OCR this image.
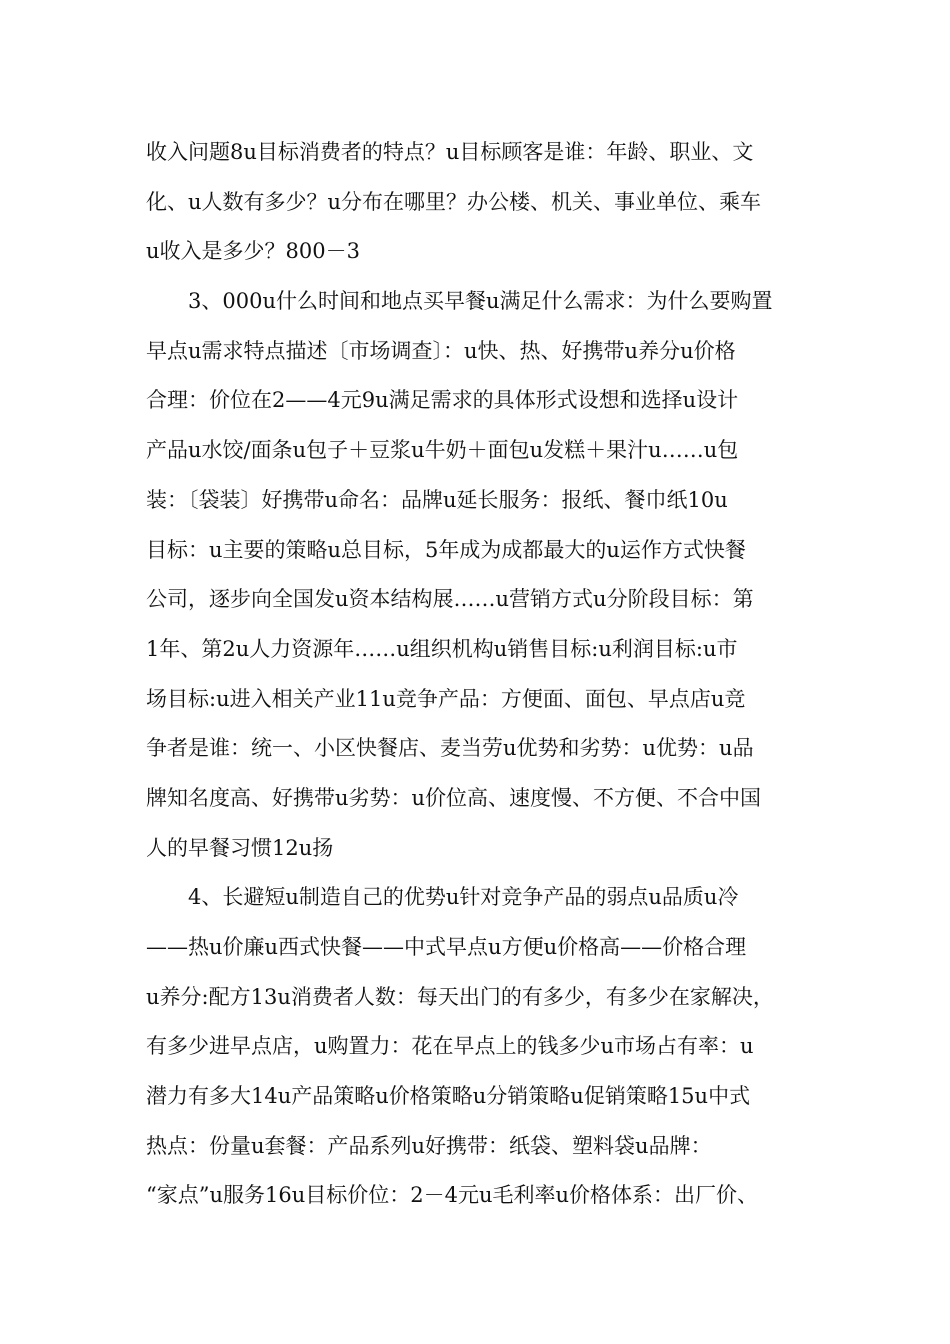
收入问题8u目标消费者的特点？u目标顾客是谁：年龄、职业、文
化、u人数有多少？u分布在哪里？办公楼、机关、事业单位、乘车
u收入是多少？800－3
3、000u什么时间和地点买早餐u满足什么需求：为什么要购置
早点u需求特点描述〔市场调查〕：u快、热、好携带u养分u价格
合理：价位在2——4元9u满足需求的具体形式设想和选择u设计
产品u水饺/面条u包子＋豆浆u牛奶＋面包u发糕＋果汁u……u包
装：〔袋装〕好携带u命名：品牌u延长服务：报纸、餐巾纸10u
目标：u主要的策略u总目标，5年成为成都最大的u运作方式快餐
公司，逐步向全国发u资本结构展……u营销方式u分阶段目标：第
1年、第2u人力资源年……u组织机构u销售目标:u利润目标:u市
场目标:u进入相关产业11u竞争产品：方便面、面包、早点店u竞
争者是谁：统一、小区快餐店、麦当劳u优势和劣势：u优势：u品
牌知名度高、好携带u劣势：u价位高、速度慢、不方便、不合中国
人的早餐习惯12u扬
4、长避短u制造自己的优势u针对竞争产品的弱点u品质u冷
——热u价廉u西式快餐——中式早点u方便u价格高——价格合理
u养分:配方13u消费者人数：每天出门的有多少，有多少在家解决，
有多少进早点店，u购置力：花在早点上的钱多少u市场占有率：u
潜力有多大14u产品策略u价格策略u分销策略u促销策略15u中式
热点：份量u套餐：产品系列u好携带：纸袋、塑料袋u品牌：
“家点”u服务16u目标价位：2－4元u毛利率u价格体系：出厂价、
